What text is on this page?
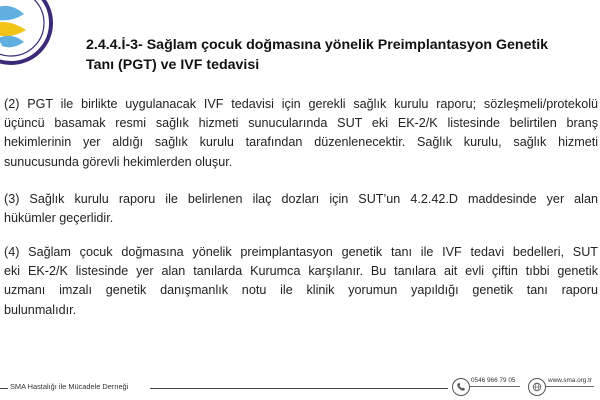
2.4.4.İ-3- Sağlam çocuk doğmasına yönelik Preimplantasyon Genetik
Tanı (PGT) ve IVF tedavisi
(2) PGT ile birlikte uygulanacak IVF tedavisi için gerekli sağlık kurulu raporu; sözleşmeli/protekolü
üçüncü basamak resmi sağlık hizmeti sunucularında SUT eki EK-2/K listesinde belirtilen branş
hekimlerinin yer aldığı sağlık kurulu tarafından düzenlenecektir. Sağlık kurulu, sağlık hizmeti
sunucusunda görevli hekimlerden oluşur.
(3) Sağlık kurulu raporu ile belirlenen ilaç dozları için SUT’un 4.2.42.D maddesinde yer alan
hükümler geçerlidir.
(4) Sağlam çocuk doğmasına yönelik preimplantasyon genetik tanı ile IVF tedavi bedelleri, SUT
eki EK-2/K listesinde yer alan tanılarda Kurumca karşılanır. Bu tanılara ait evli çiftin tıbbi genetik
uzmanı imzalı genetik danışmanlık notu ile klinik yorumun yapıldığı genetik tanı raporu
bulunmalıdır.
SMA Hastalığı ile Mücadele Derneği
0546 966 79 05	www.sma.org.tr
